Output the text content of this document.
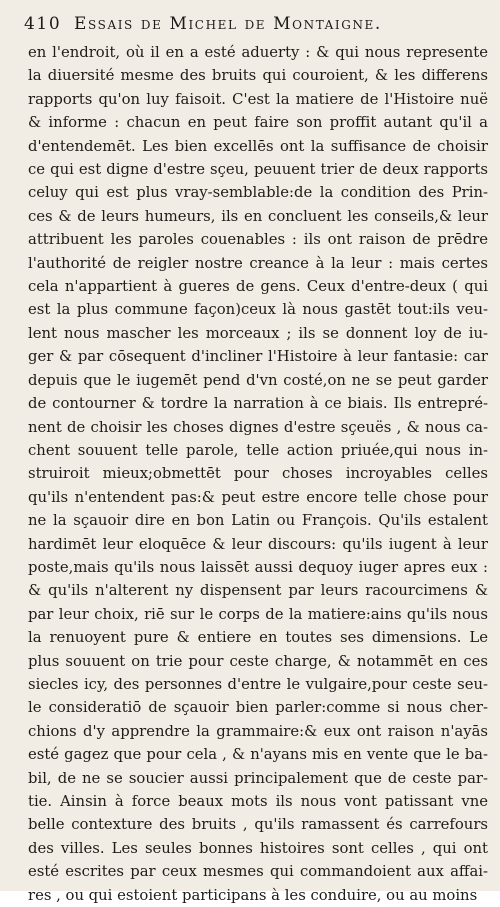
410 Essais de Michel de Montaigne.
en l'endroit, où il en a esté aduerty : & qui nous represente
la diuersité mesme des bruits qui couroient, & les differens
rapports qu'on luy faisoit. C'est la matiere de l'Histoire nuë
& informe : chacun en peut faire son proffit autant qu'il a
d'entendemēt. Les bien excellēs ont la suffisance de choisir
ce qui est digne d'estre sçeu, peuuent trier de deux rapports
celuy qui est plus vray-semblable:de la condition des Prin-
ces & de leurs humeurs, ils en concluent les conseils,& leur
attribuent les paroles couenables : ils ont raison de prēdre
l'authorité de reigler nostre creance à la leur : mais certes
cela n'appartient à gueres de gens. Ceux d'entre-deux ( qui
est la plus commune façon)ceux là nous gastēt tout:ils veu-
lent nous mascher les morceaux ; ils se donnent loy de iu-
ger & par cōsequent d'incliner l'Histoire à leur fantasie: car
depuis que le iugemēt pend d'vn costé,on ne se peut garder
de contourner & tordre la narration à ce biais. Ils entrepré-
nent de choisir les choses dignes d'estre sçeuës , & nous ca-
chent souuent telle parole, telle action priuée,qui nous in-
struiroit mieux;obmettēt pour choses incroyables celles
qu'ils n'entendent pas:& peut estre encore telle chose pour
ne la sçauoir dire en bon Latin ou François. Qu'ils estalent
hardimēt leur eloquēce & leur discours: qu'ils iugent à leur
poste,mais qu'ils nous laissēt aussi dequoy iuger apres eux :
& qu'ils n'alterent ny dispensent par leurs racourcimens &
par leur choix, riē sur le corps de la matiere:ains qu'ils nous
la renuoyent pure & entiere en toutes ses dimensions. Le
plus souuent on trie pour ceste charge, & notammēt en ces
siecles icy, des personnes d'entre le vulgaire,pour ceste seu-
le consideratiō de sçauoir bien parler:comme si nous cher-
chions d'y apprendre la grammaire:& eux ont raison n'ayās
esté gagez que pour cela , & n'ayans mis en vente que le ba-
bil, de ne se soucier aussi principalement que de ceste par-
tie. Ainsin à force beaux mots ils nous vont patissant vne
belle contexture des bruits , qu'ils ramassent és carrefours
des villes. Les seules bonnes histoires sont celles , qui ont
esté escrites par ceux mesmes qui commandoient aux affai-
res , ou qui estoient participans à les conduire, ou au moins
